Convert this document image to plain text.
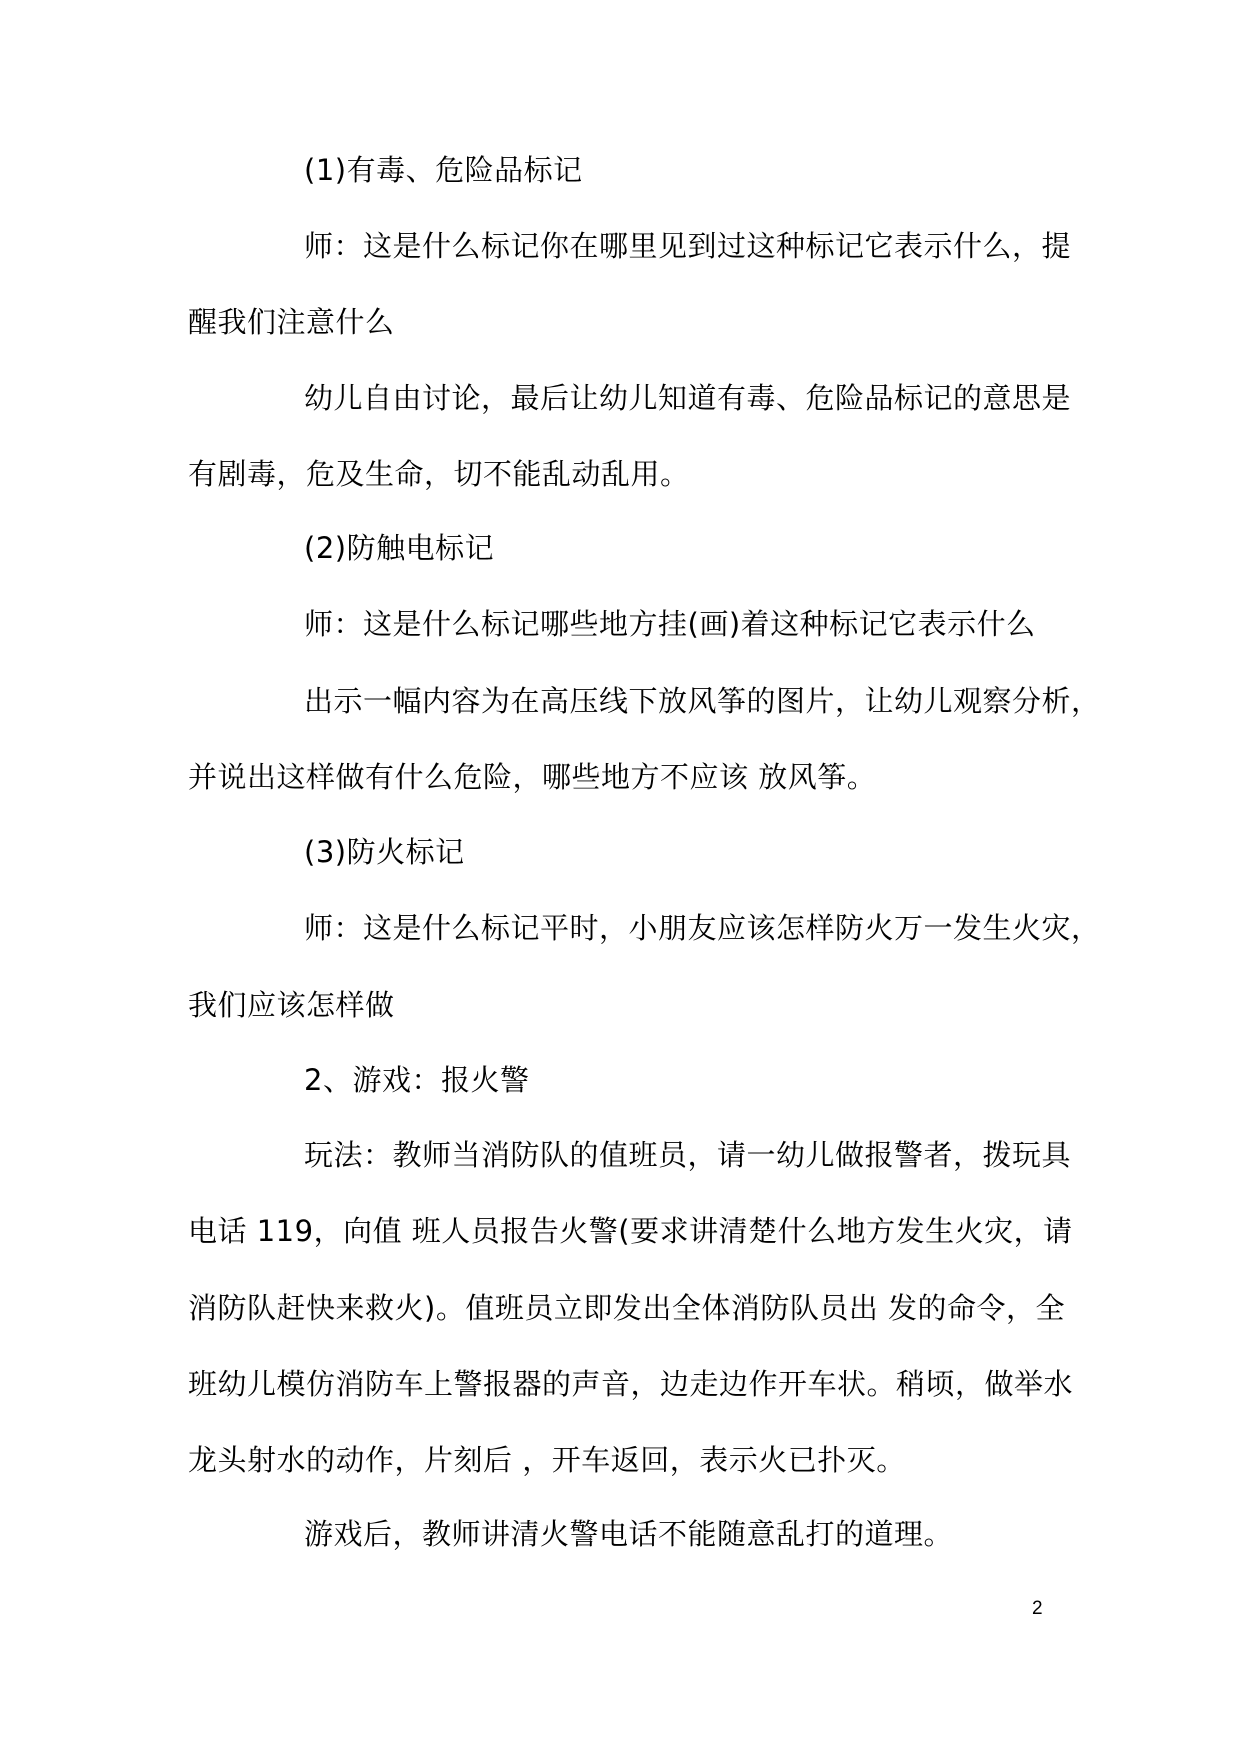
(1)有毒、危险品标记
师：这是什么标记你在哪里见到过这种标记它表示什么，提
醒我们注意什么
幼儿自由讨论，最后让幼儿知道有毒、危险品标记的意思是
有剧毒，危及生命，切不能乱动乱用。
(2)防触电标记
师：这是什么标记哪些地方挂(画)着这种标记它表示什么
出示一幅内容为在高压线下放风筝的图片，让幼儿观察分析，
并说出这样做有什么危险，哪些地方不应该 放风筝。
(3)防火标记
师：这是什么标记平时，小朋友应该怎样防火万一发生火灾，
我们应该怎样做
2、游戏：报火警
玩法：教师当消防队的值班员，请一幼儿做报警者，拨玩具
电话 119，向值 班人员报告火警(要求讲清楚什么地方发生火灾，请
消防队赶快来救火)。值班员立即发出全体消防队员出 发的命令，全
班幼儿模仿消防车上警报器的声音，边走边作开车状。稍顷，做举水
龙头射水的动作，片刻后 ，开车返回，表示火已扑灭。
游戏后，教师讲清火警电话不能随意乱打的道理。
2
